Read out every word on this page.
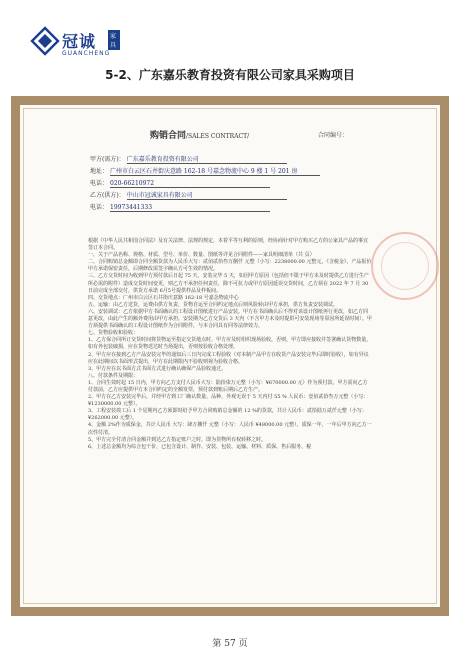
冠诚	家具
GUANCHENG
5-2、广东嘉乐教育投资有限公司家具采购项目
购销合同/SALES CONTRACT/	合同编号：
甲方(需方)： 广东嘉乐教育投资有限公司
地址： 广州市白云区石井街庆意路 162-18 号嘉念物流中心 9 楼 1 号 201 房
电话： 020-66210972
乙方(供方)： 中山市冠诚家具有限公司
电话： 19973441333

根据《中华人民共和国合同法》及有关法律、法规的规定，本着平等互利的原则，经协商针对甲方购买乙方的公家具产品的事宜签订本合同。

一、关于产品名称、规格、材质、型号、单价、数量、图纸等详见合同附件——家具明细清单（共 页）

二、合同购销总金额即合同全额货款为人民币大写：贰佰贰拾叁万捌仟 元整（小写：2238000.00 元整元，《含税金》，产品报价甲方承诺保密责任，后期修改需签字确认方可生效的情况。

三、乙方交货时间为收到甲方预付款后日起 75 天，安装完毕 5 天，如因甲方原因（包括但不限于甲方未及时提供乙方进行生产所必需的附件）造成交货时间变更，则乙方不承担任何责任，除不可抗力或甲方原因延误交货时间，乙方须在 2022 年 7 月 30 日前完成全部交付，供货方承诺 6月5号提供样品及样板间。

四、交货地点：广州市白云区石井街庆意路 162-18 号嘉念物流中心

五、运输：由乙方送货，运费由供方负责，货物自运至合同约定地点后则风险转由甲方承担，供方负责安装调试。

六、安装调试：乙方依据甲方书面确认的工程设计图纸进行产品安装。甲方在书面确认后不得对该设计图纸再行更改，如乙方同意更改，由此产生的额外费用由甲方承担。安装期为乙方交货后 3 天内（不含甲方未及时提供可安装现场等原因所延误时间）。甲方须提供书面确认的工程设计图纸作为合同附件，与本合同具有同等法律效力。

七、货物验收和验收：

1、乙方保合同所订交货时间将货物运至指定交货地点时，甲方应及时组织现场验收，否则，甲方即应接收并签署确认货物数量，如有外包装破损，应在货物送达时当场提出，否则按验收合格处理。

2、甲方应在接到乙方产品安装完毕的通知后三日内完成工程验收（对本制产品甲方在收货产品安装完毕后即时验收），如有异议应在此期间以书面形式提出，甲方在此期限内不验收则视为验收合格。

3、甲方应在以书面方式书面方式进行确认确保产品验收通过。

八、付款条件及期限：

1、合同生效时起 15 日内，甲方向乙方支付人民币大写：陆拾柒万元整（小写：¥670000.00 元）作为预付款。甲方需向乙方付款前，乙方应提供甲方本合同约定的全额发票，预付款到账后期后乙方生产。

2、甲方在乙方安装完毕后，并经甲方到工厂确认数量、品种、外观无误于 5 天内付 55 % 人民币：壹佰贰拾叁万元整（小写：¥1230000.00 元整）。

3、工程安装竣工后 1 个星期内乙方须即时给予甲方合同购销总金额的 12 %的货款，共计人民币：贰拾陆万贰仟元整（小写：¥262000.00 元整）。

4、金额 2%作为质保金，共计人民币 大写：肆万捌仟 元整（小写：人民币 ¥48000.00 元整），质保一年，一年后甲方向乙方一次性付清。

5、甲方完全付清合同金额并到达乙方指定账户之时，即为货物所有权转移之时。

6、上述总金额均为综合包干价，已包含设计、制作、安装、包装、运输、材料、质保、售后服务、税

第 57 页
